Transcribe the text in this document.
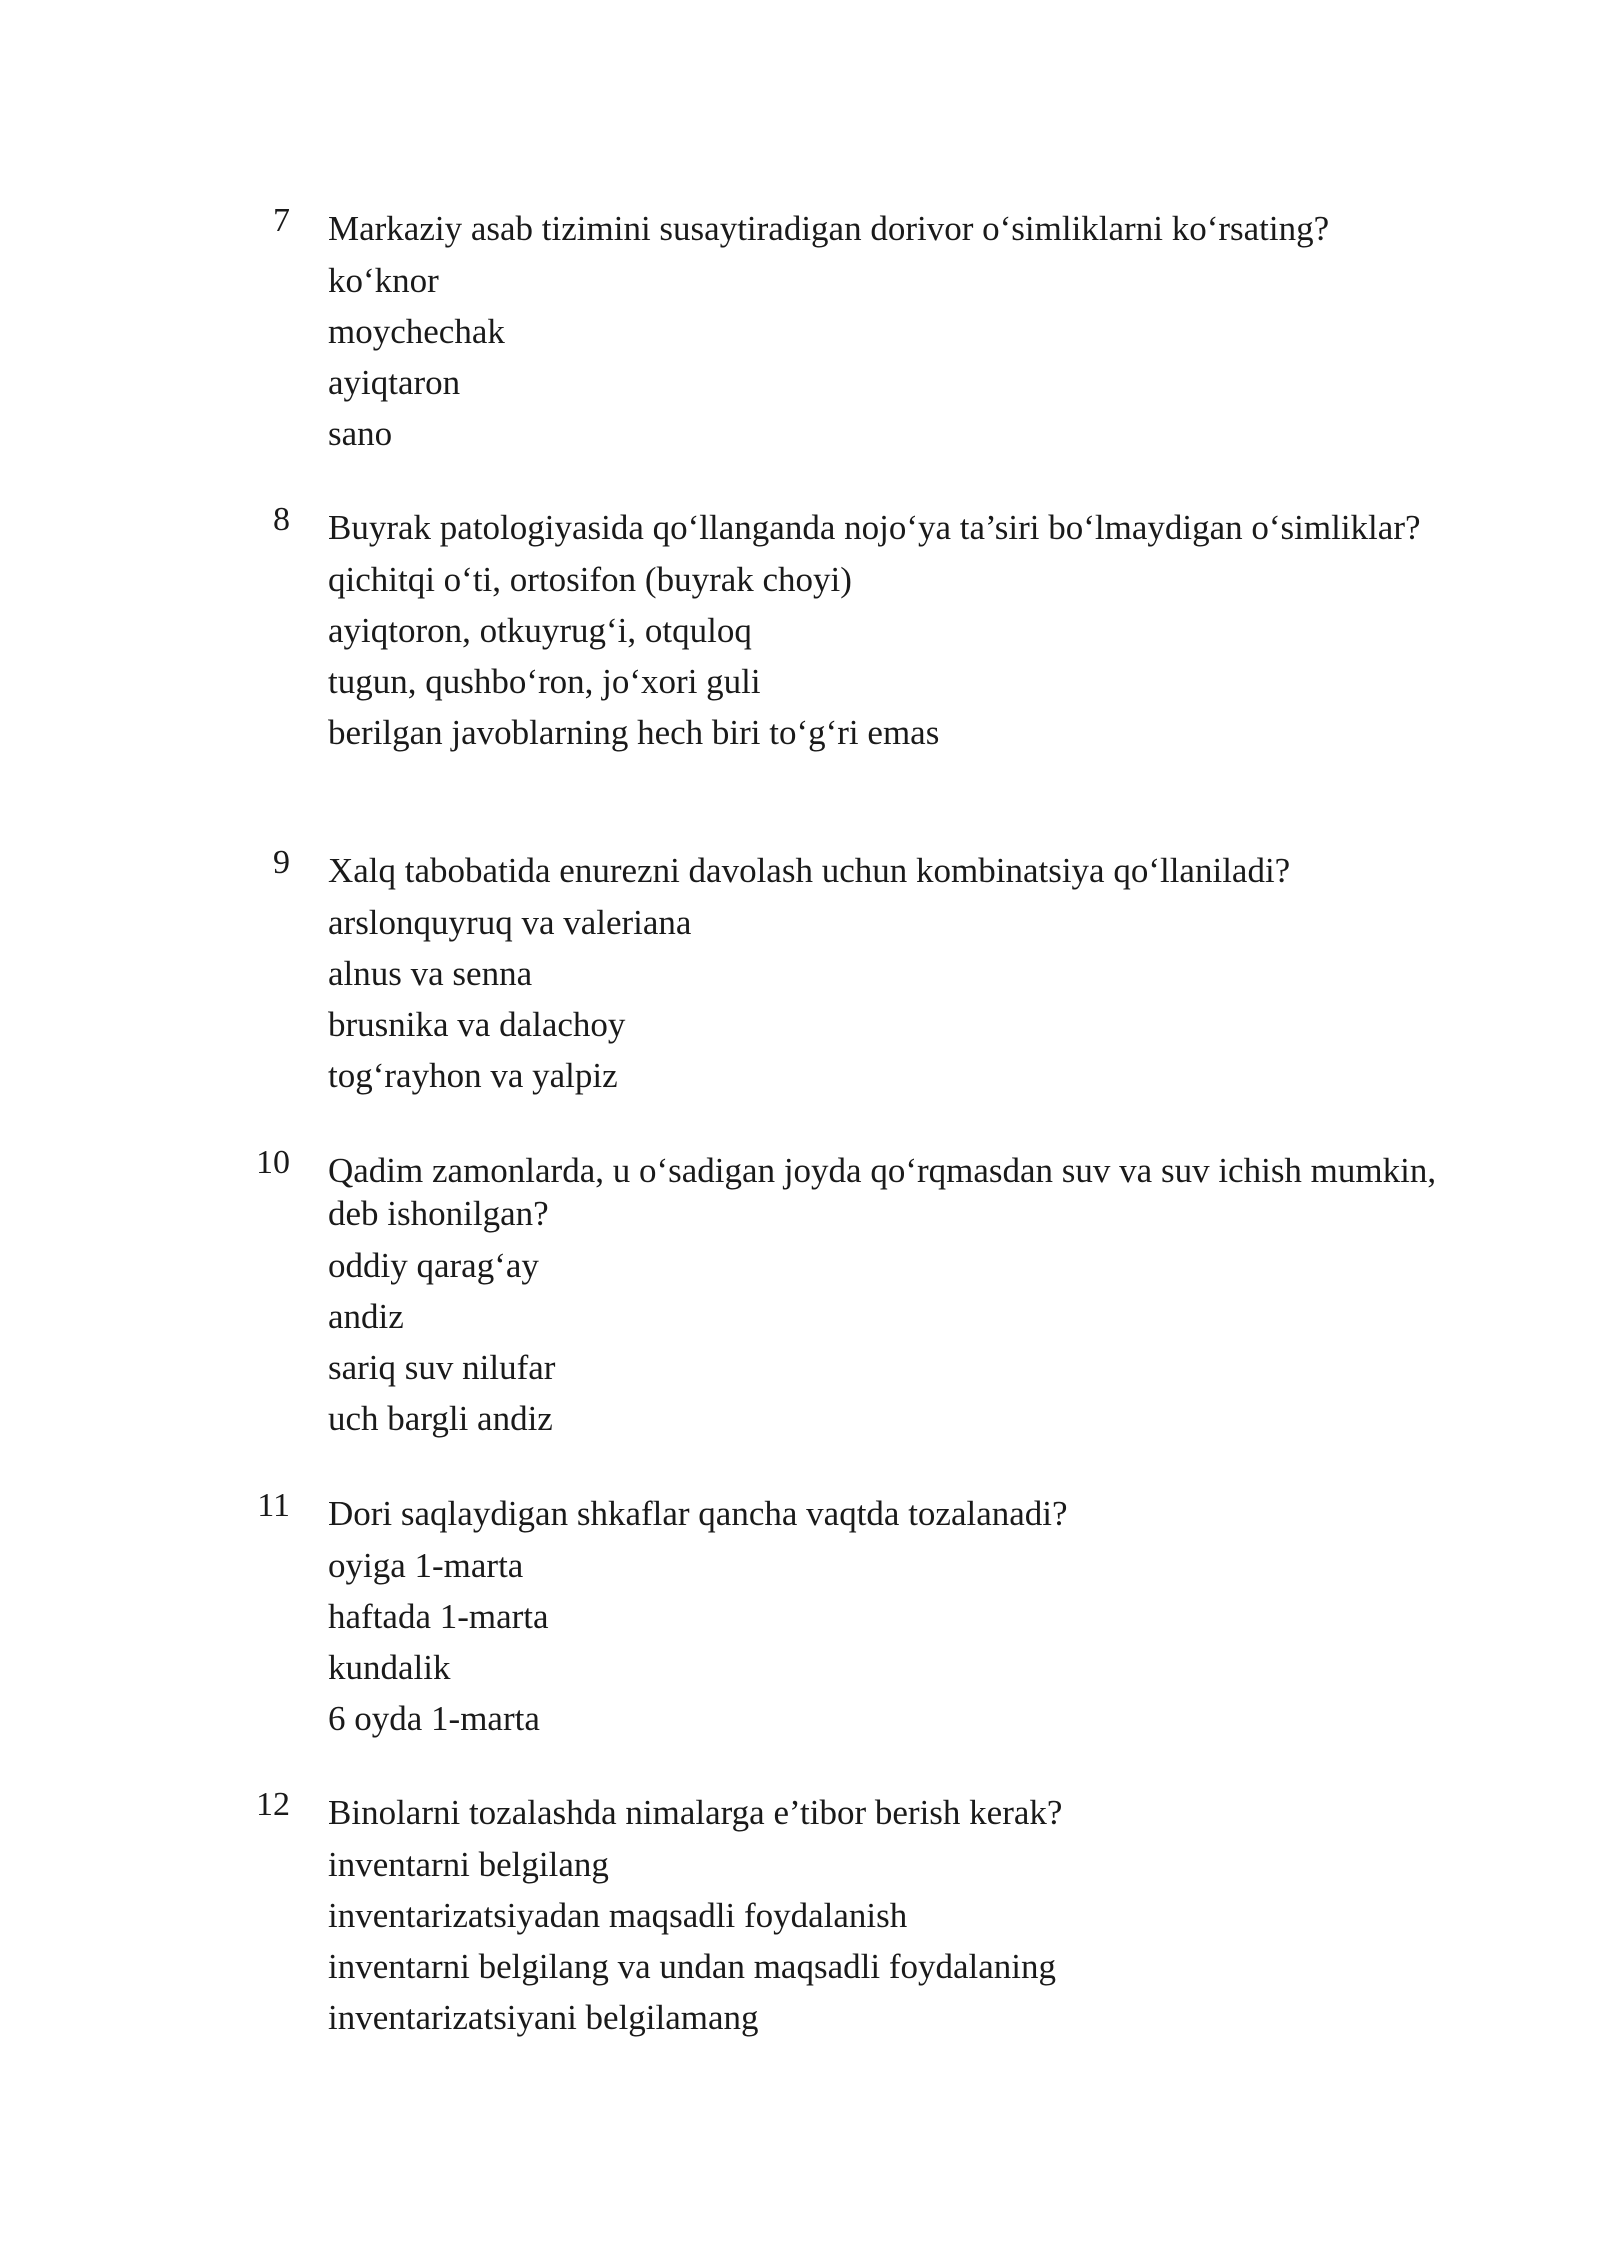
7 Markaziy asab tizimini susaytiradigan dorivor o‘simliklarni ko‘rsating?

ko‘knor
moychechak
ayiqtaron
sano
8 Buyrak patologiyasida qo‘llanganda nojo‘ya ta’siri bo‘lmaydigan o‘simliklar?

qichitqi o‘ti, ortosifon (buyrak choyi)
ayiqtoron, otkuyrug‘i, otquloq
tugun, qushbo‘ron, jo‘xori guli
berilgan javoblarning hech biri to‘g‘ri emas
9 Xalq tabobatida enurezni davolash uchun kombinatsiya qo‘llaniladi?

arslonquyruq va valeriana
alnus va senna
brusnika va dalachoy
tog‘rayhon va yalpiz
10 Qadim zamonlarda, u o‘sadigan joyda qo‘rqmasdan suv va suv ichish mumkin, deb ishonilgan?

oddiy qarag‘ay
andiz
sariq suv nilufar
uch bargli andiz
11 Dori saqlaydigan shkaflar qancha vaqtda tozalanadi?

oyiga 1-marta
haftada 1-marta
kundalik
6 oyda 1-marta
12 Binolarni tozalashda nimalarga e’tibor berish kerak?

inventarni belgilang
inventarizatsiyadan maqsadli foydalanish
inventarni belgilang va undan maqsadli foydalaning
inventarizatsiyani belgilamang
